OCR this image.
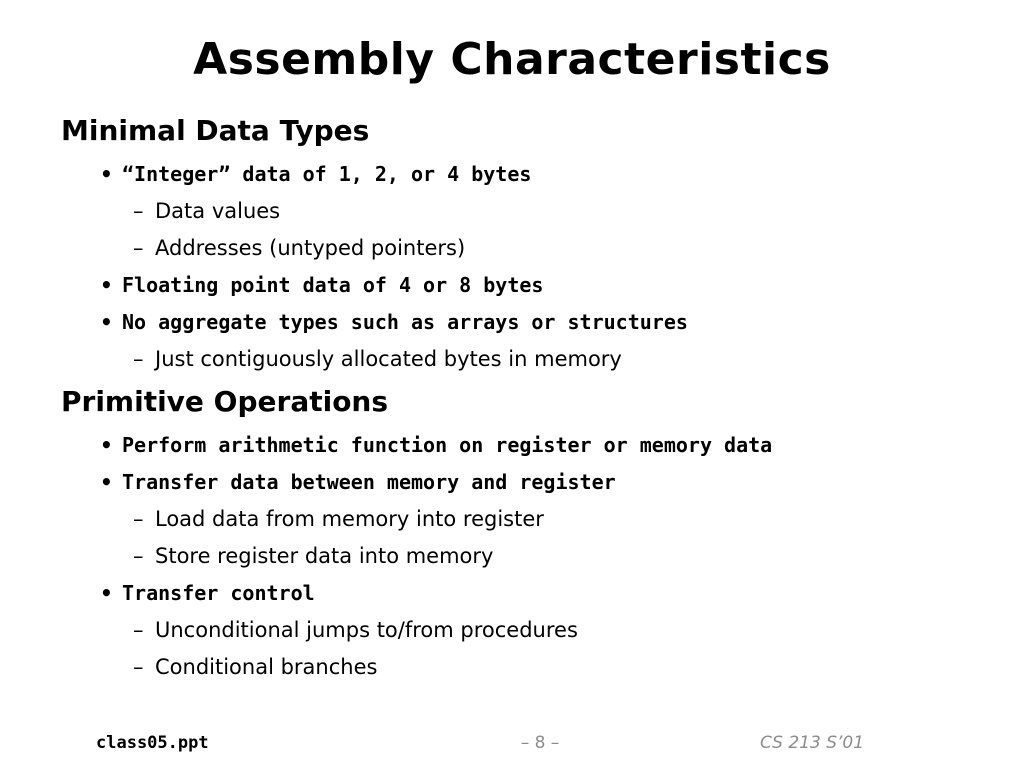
Assembly Characteristics
Minimal Data Types
• “Integer” data of 1, 2, or 4 bytes
– Data values
– Addresses (untyped pointers)
• Floating point data of 4 or 8 bytes
• No aggregate types such as arrays or structures
– Just contiguously allocated bytes in memory
Primitive Operations
• Perform arithmetic function on register or memory data
• Transfer data between memory and register
– Load data from memory into register
– Store register data into memory
• Transfer control
– Unconditional jumps to/from procedures
– Conditional branches
class05.ppt	– 8 –	CS 213 S’01
